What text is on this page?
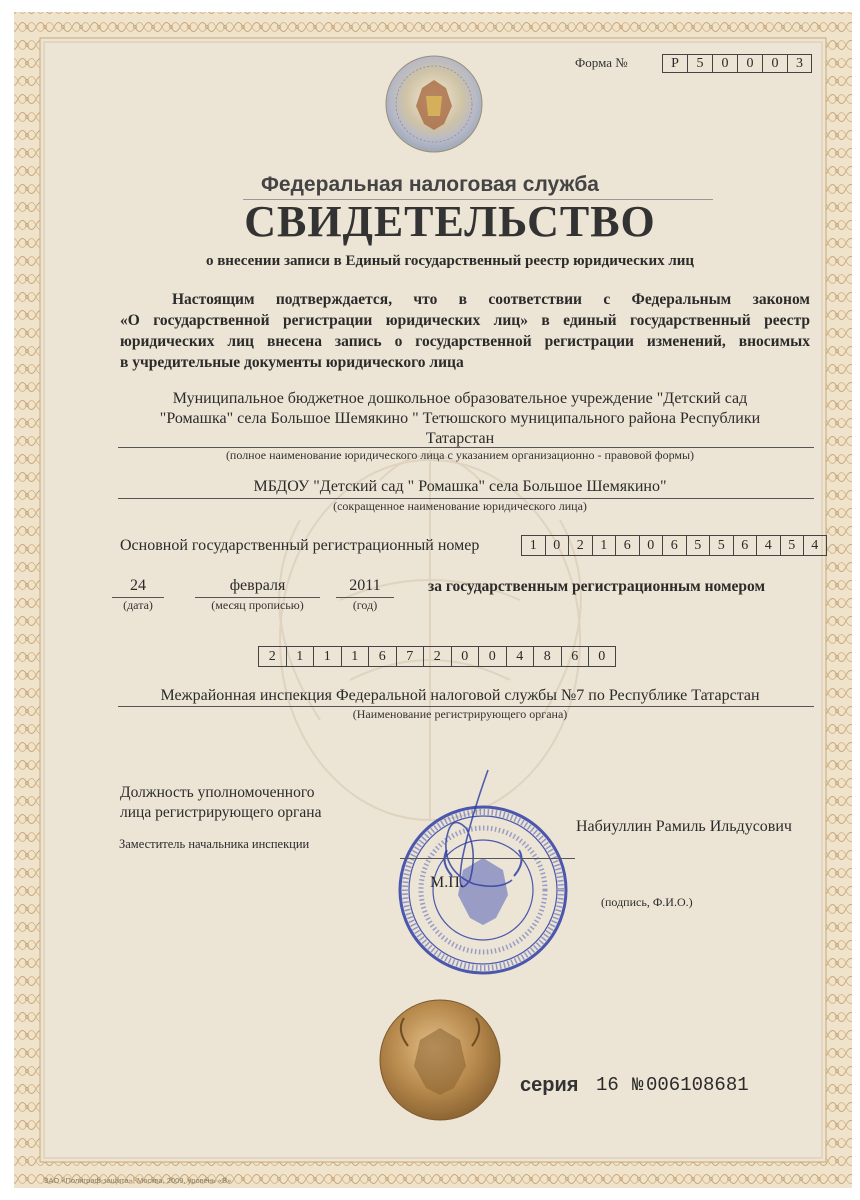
Форма №	Р	5	0	0	0	3
Федеральная налоговая служба
СВИДЕТЕЛЬСТВО
о внесении записи в Единый государственный реестр юридических лиц
Настоящим подтверждается, что в соответствии с Федеральным законом
«О государственной регистрации юридических лиц» в единый государственный реестр
юридических лиц внесена запись о государственной регистрации изменений, вносимых
в учредительные документы юридического лица
Муниципальное бюджетное дошкольное образовательное учреждение "Детский сад
"Ромашка" села Большое Шемякино " Тетюшского муниципального района Республики
Татарстан
(полное наименование юридического лица с указанием организационно - правовой формы)
МБДОУ "Детский сад " Ромашка" села Большое Шемякино"
(сокращенное наименование юридического лица)
Основной государственный регистрационный номер	1	0	2	1	6	0	6	5	5	6	4	5	4
24
(дата)
февраля
(месяц прописью)
2011
(год)
за государственным регистрационным номером
2	1	1	1	6	7	2	0	0	4	8	6	0
Межрайонная инспекция Федеральной налоговой службы №7 по Республике Татарстан
(Наименование регистрирующего органа)
Должность уполномоченного
лица регистрирующего органа
Заместитель начальника инспекции
Набиуллин Рамиль Ильдусович
М.П.
(подпись, Ф.И.О.)
серия 16 № 006108681
ЗАО «Полиграф-защита», Москва, 2009, уровень «В»
